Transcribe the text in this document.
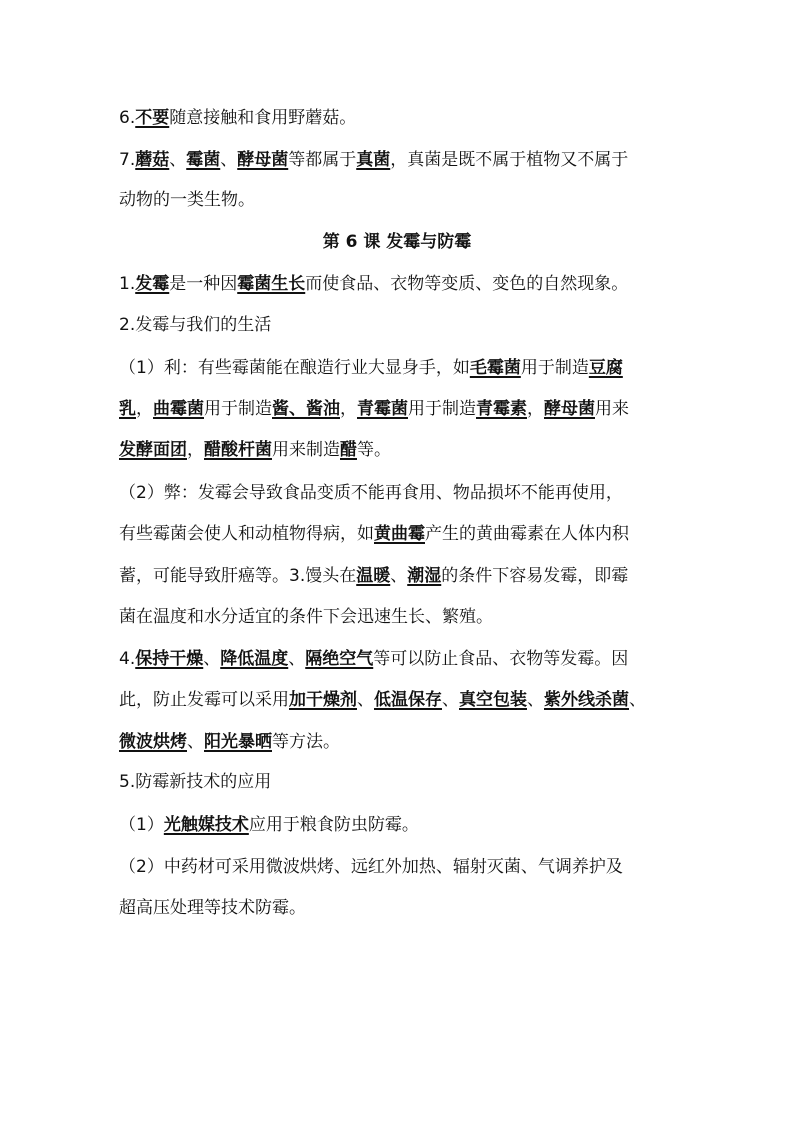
6.不要随意接触和食用野蘑菇。
7.蘑菇、霉菌、酵母菌等都属于真菌，真菌是既不属于植物又不属于
动物的一类生物。
第 6 课 发霉与防霉
1.发霉是一种因霉菌生长而使食品、衣物等变质、变色的自然现象。
2.发霉与我们的生活
（1）利：有些霉菌能在酿造行业大显身手，如毛霉菌用于制造豆腐
乳，曲霉菌用于制造酱、酱油，青霉菌用于制造青霉素，酵母菌用来
发酵面团，醋酸杆菌用来制造醋等。
（2）弊：发霉会导致食品变质不能再食用、物品损坏不能再使用，
有些霉菌会使人和动植物得病，如黄曲霉产生的黄曲霉素在人体内积
蓄，可能导致肝癌等。3.馒头在温暖、潮湿的条件下容易发霉，即霉
菌在温度和水分适宜的条件下会迅速生长、繁殖。
4.保持干燥、降低温度、隔绝空气等可以防止食品、衣物等发霉。因
此，防止发霉可以采用加干燥剂、低温保存、真空包装、紫外线杀菌、
微波烘烤、阳光暴晒等方法。
5.防霉新技术的应用
（1）光触媒技术应用于粮食防虫防霉。
（2）中药材可采用微波烘烤、远红外加热、辐射灭菌、气调养护及
超高压处理等技术防霉。
